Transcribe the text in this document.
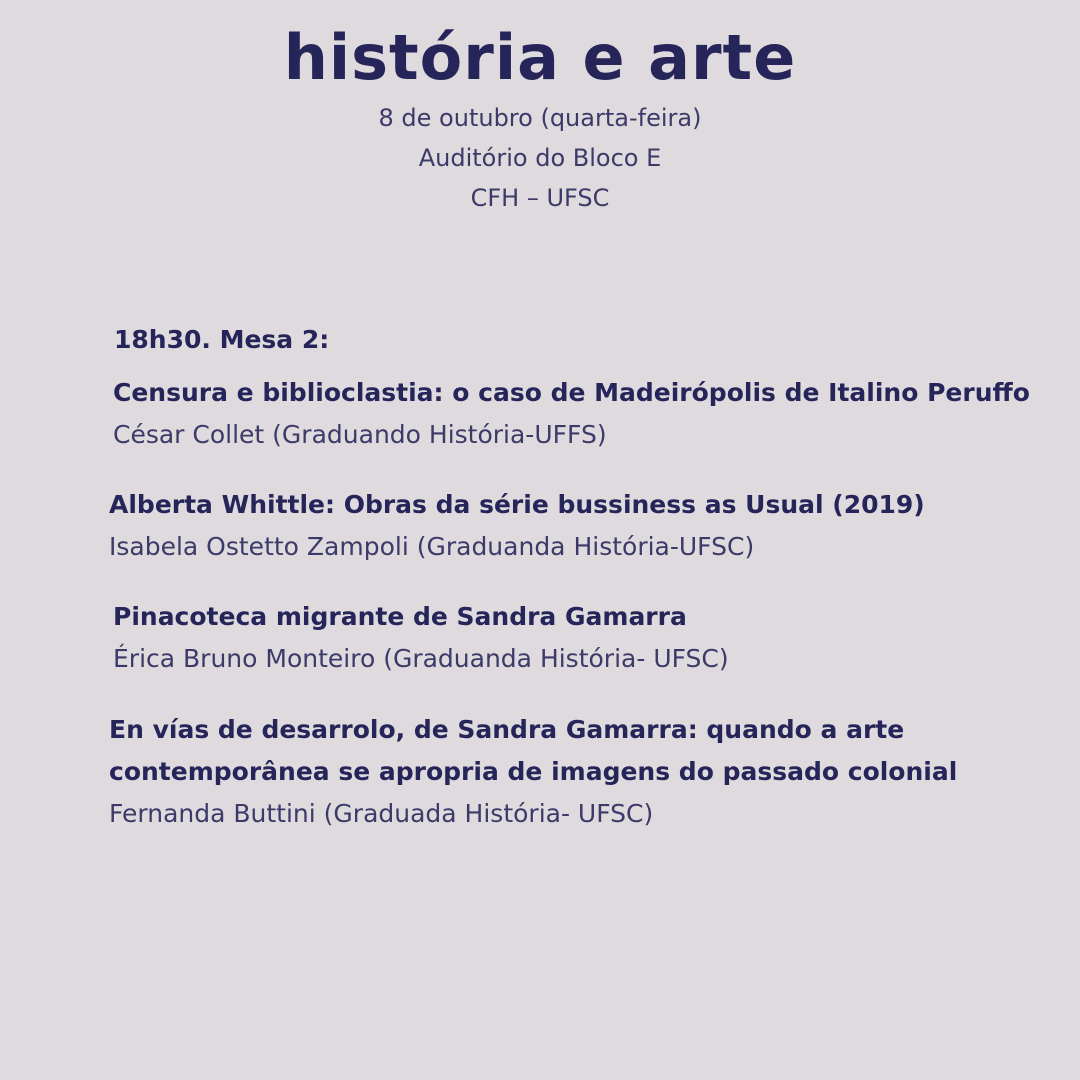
história e arte

8 de outubro (quarta-feira)

Auditório do Bloco E

CFH – UFSC

18h30. Mesa 2:

Censura e biblioclastia: o caso de Madeirópolis de Italino Peruffo

César Collet (Graduando História-UFFS)

Alberta Whittle: Obras da série bussiness as Usual (2019)

Isabela Ostetto Zampoli (Graduanda História-UFSC)

Pinacoteca migrante de Sandra Gamarra

Érica Bruno Monteiro (Graduanda História- UFSC)

En vías de desarrolo, de Sandra Gamarra: quando a arte

contemporânea se apropria de imagens do passado colonial

Fernanda Buttini (Graduada História- UFSC)
